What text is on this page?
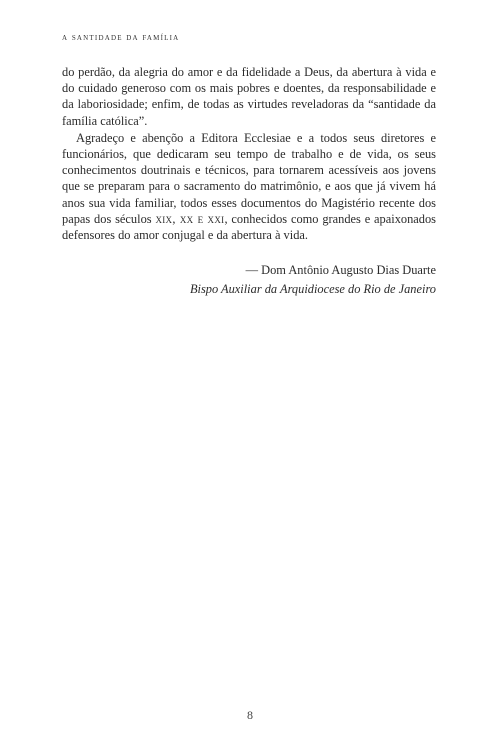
a santidade da família

do perdão, da alegria do amor e da fidelidade a Deus, da abertura à vida e do cuidado generoso com os mais pobres e doentes, da responsabilidade e da laboriosidade; enfim, de todas as virtudes reveladoras da “santidade da família católica”.

Agradeço e abençõo a Editora Ecclesiae e a todos seus diretores e funcionários, que dedicaram seu tempo de trabalho e de vida, os seus conhecimentos doutrinais e técnicos, para tornarem acessíveis aos jovens que se preparam para o sacramento do matrimônio, e aos que já vivem há anos sua vida familiar, todos esses documentos do Magistério recente dos papas dos séculos xix, xx e xxi, conhecidos como grandes e apaixonados defensores do amor conjugal e da abertura à vida.

— Dom Antônio Augusto Dias Duarte
Bispo Auxiliar da Arquidiocese do Rio de Janeiro
8
